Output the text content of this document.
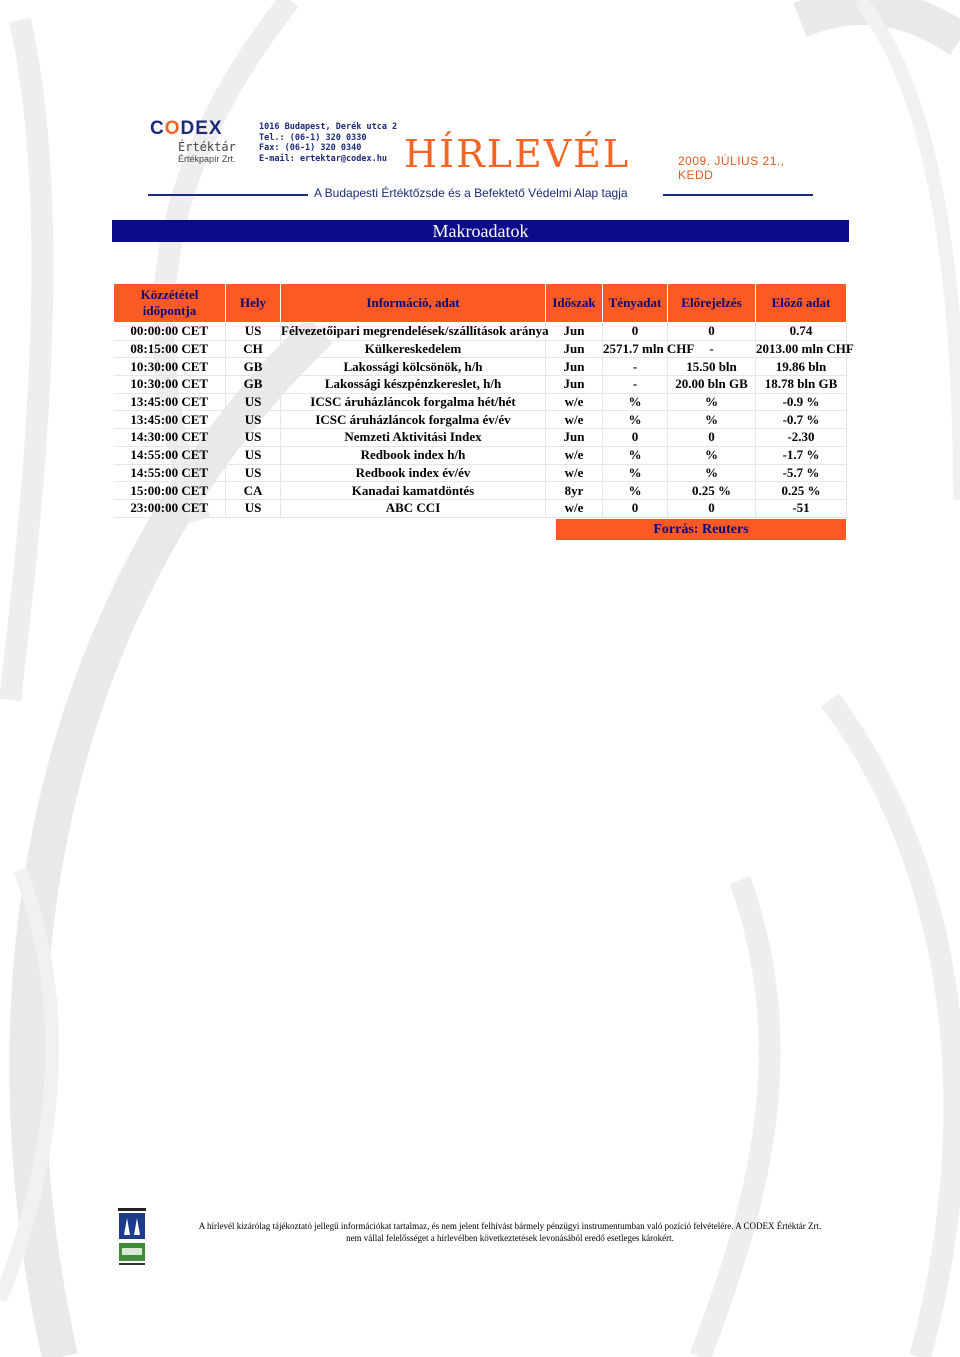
CODEX
Értéktár
Értékpapír Zrt.
1016 Budapest, Derék utca 2
Tel.: (06-1) 320 0330
Fax: (06-1) 320 0340
E-mail: ertektar@codex.hu HÍRLEVÉL	2009. JÚLIUS 21., KEDD
A Budapesti Értéktőzsde és a Befektető Védelmi Alap tagja
Makroadatok
Közzététel időpontja	Hely	Információ, adat	Időszak	Tényadat	Előrejelzés	Előző adat
00:00:00 CET	US	Félvezetőipari megrendelések/szállítások aránya	Jun	0	0	0.74
08:15:00 CET	CH	Külkereskedelem	Jun	2571.7 mln CHF	-	2013.00 mln CHF
10:30:00 CET	GB	Lakossági kölcsönök, h/h	Jun	-	15.50 bln	19.86 bln
10:30:00 CET	GB	Lakossági készpénzkereslet, h/h	Jun	-	20.00 bln GB	18.78 bln GB
13:45:00 CET	US	ICSC áruházláncok forgalma hét/hét	w/e	%	%	-0.9 %
13:45:00 CET	US	ICSC áruházláncok forgalma év/év	w/e	%	%	-0.7 %
14:30:00 CET	US	Nemzeti Aktivitási Index	Jun	0	0	-2.30
14:55:00 CET	US	Redbook index h/h	w/e	%	%	-1.7 %
14:55:00 CET	US	Redbook index év/év	w/e	%	%	-5.7 %
15:00:00 CET	CA	Kanadai kamatdöntés	8yr	%	0.25 %	0.25 %
23:00:00 CET	US	ABC CCI	w/e	0	0	-51
Forrás: Reuters
A hírlevél kizárólag tájékoztató jellegű információkat tartalmaz, és nem jelent felhívást bármely pénzügyi instrumentumban való pozíció felvételére. A CODEX Értéktár Zrt.
nem vállal felelősséget a hírlevélben következtetések levonásából eredő esetleges károkért.
